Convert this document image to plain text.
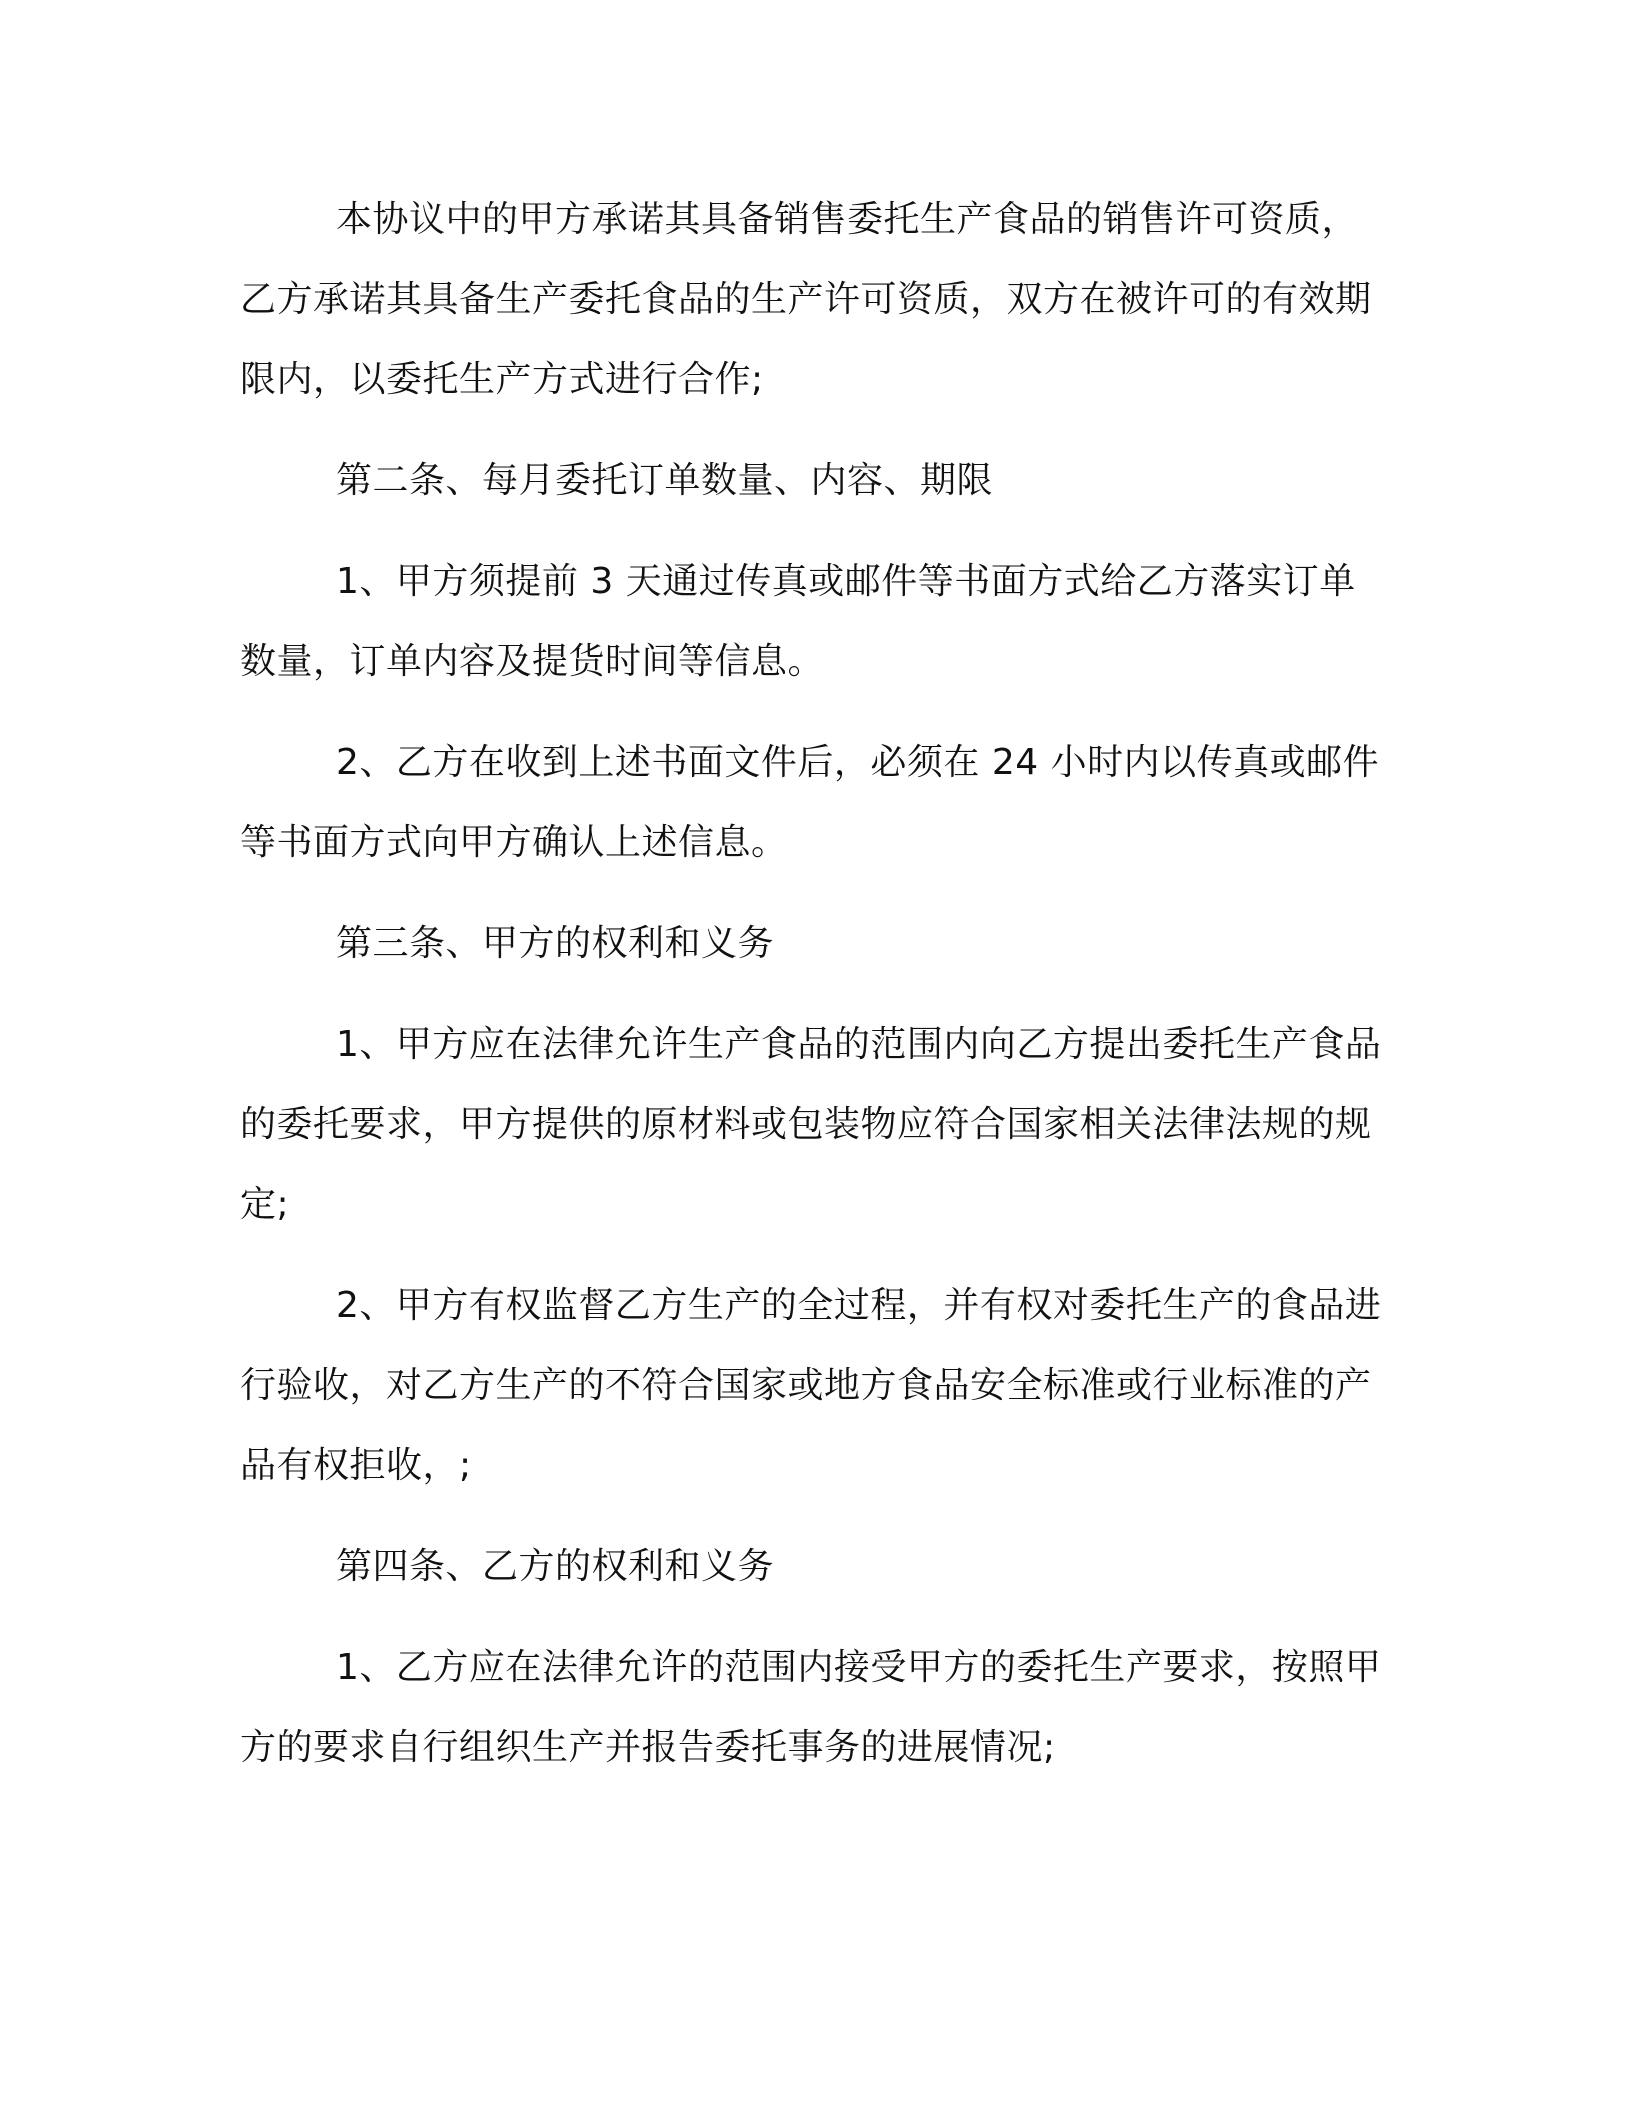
本协议中的甲方承诺其具备销售委托生产食品的销售许可资质，乙方承诺其具备生产委托食品的生产许可资质，双方在被许可的有效期限内，以委托生产方式进行合作;

第二条、每月委托订单数量、内容、期限

1、甲方须提前 3 天通过传真或邮件等书面方式给乙方落实订单数量，订单内容及提货时间等信息。

2、乙方在收到上述书面文件后，必须在 24 小时内以传真或邮件等书面方式向甲方确认上述信息。

第三条、甲方的权利和义务

1、甲方应在法律允许生产食品的范围内向乙方提出委托生产食品的委托要求，甲方提供的原材料或包装物应符合国家相关法律法规的规定;

2、甲方有权监督乙方生产的全过程，并有权对委托生产的食品进行验收，对乙方生产的不符合国家或地方食品安全标准或行业标准的产品有权拒收，;

第四条、乙方的权利和义务

1、乙方应在法律允许的范围内接受甲方的委托生产要求，按照甲方的要求自行组织生产并报告委托事务的进展情况;
